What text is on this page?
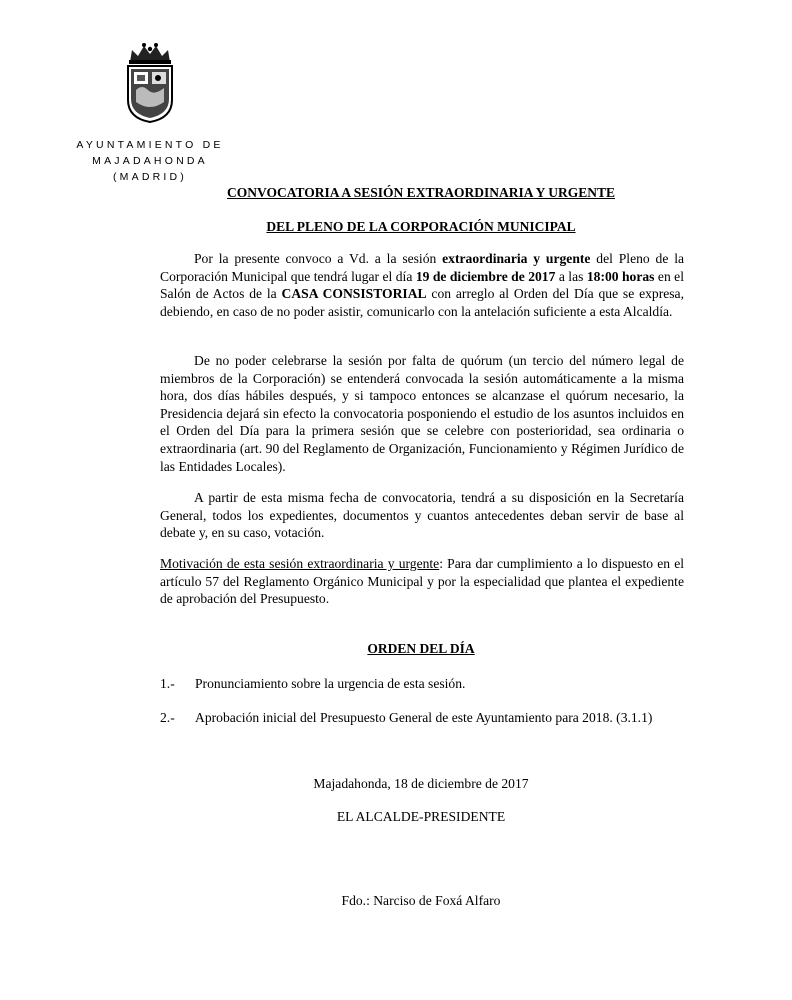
AYUNTAMIENTO DE
MAJADAHONDA
(MADRID)
CONVOCATORIA A SESIÓN EXTRAORDINARIA Y URGENTE
DEL PLENO DE LA CORPORACIÓN MUNICIPAL
Por la presente convoco a Vd. a la sesión extraordinaria y urgente del Pleno de la Corporación Municipal que tendrá lugar el día 19 de diciembre de 2017 a las 18:00 horas en el Salón de Actos de la CASA CONSISTORIAL con arreglo al Orden del Día que se expresa, debiendo, en caso de no poder asistir, comunicarlo con la antelación suficiente a esta Alcaldía.
De no poder celebrarse la sesión por falta de quórum (un tercio del número legal de miembros de la Corporación) se entenderá convocada la sesión automáticamente a la misma hora, dos días hábiles después, y si tampoco entonces se alcanzase el quórum necesario, la Presidencia dejará sin efecto la convocatoria posponiendo el estudio de los asuntos incluidos en el Orden del Día para la primera sesión que se celebre con posterioridad, sea ordinaria o extraordinaria (art. 90 del Reglamento de Organización, Funcionamiento y Régimen Jurídico de las Entidades Locales).
A partir de esta misma fecha de convocatoria, tendrá a su disposición en la Secretaría General, todos los expedientes, documentos y cuantos antecedentes deban servir de base al debate y, en su caso, votación.
Motivación de esta sesión extraordinaria y urgente: Para dar cumplimiento a lo dispuesto en el artículo 57 del Reglamento Orgánico Municipal y por la especialidad que plantea el expediente de aprobación del Presupuesto.
ORDEN DEL DÍA
1.- Pronunciamiento sobre la urgencia de esta sesión.
2.- Aprobación inicial del Presupuesto General de este Ayuntamiento para 2018. (3.1.1)
Majadahonda, 18 de diciembre de 2017
EL ALCALDE-PRESIDENTE
Fdo.: Narciso de Foxá Alfaro
